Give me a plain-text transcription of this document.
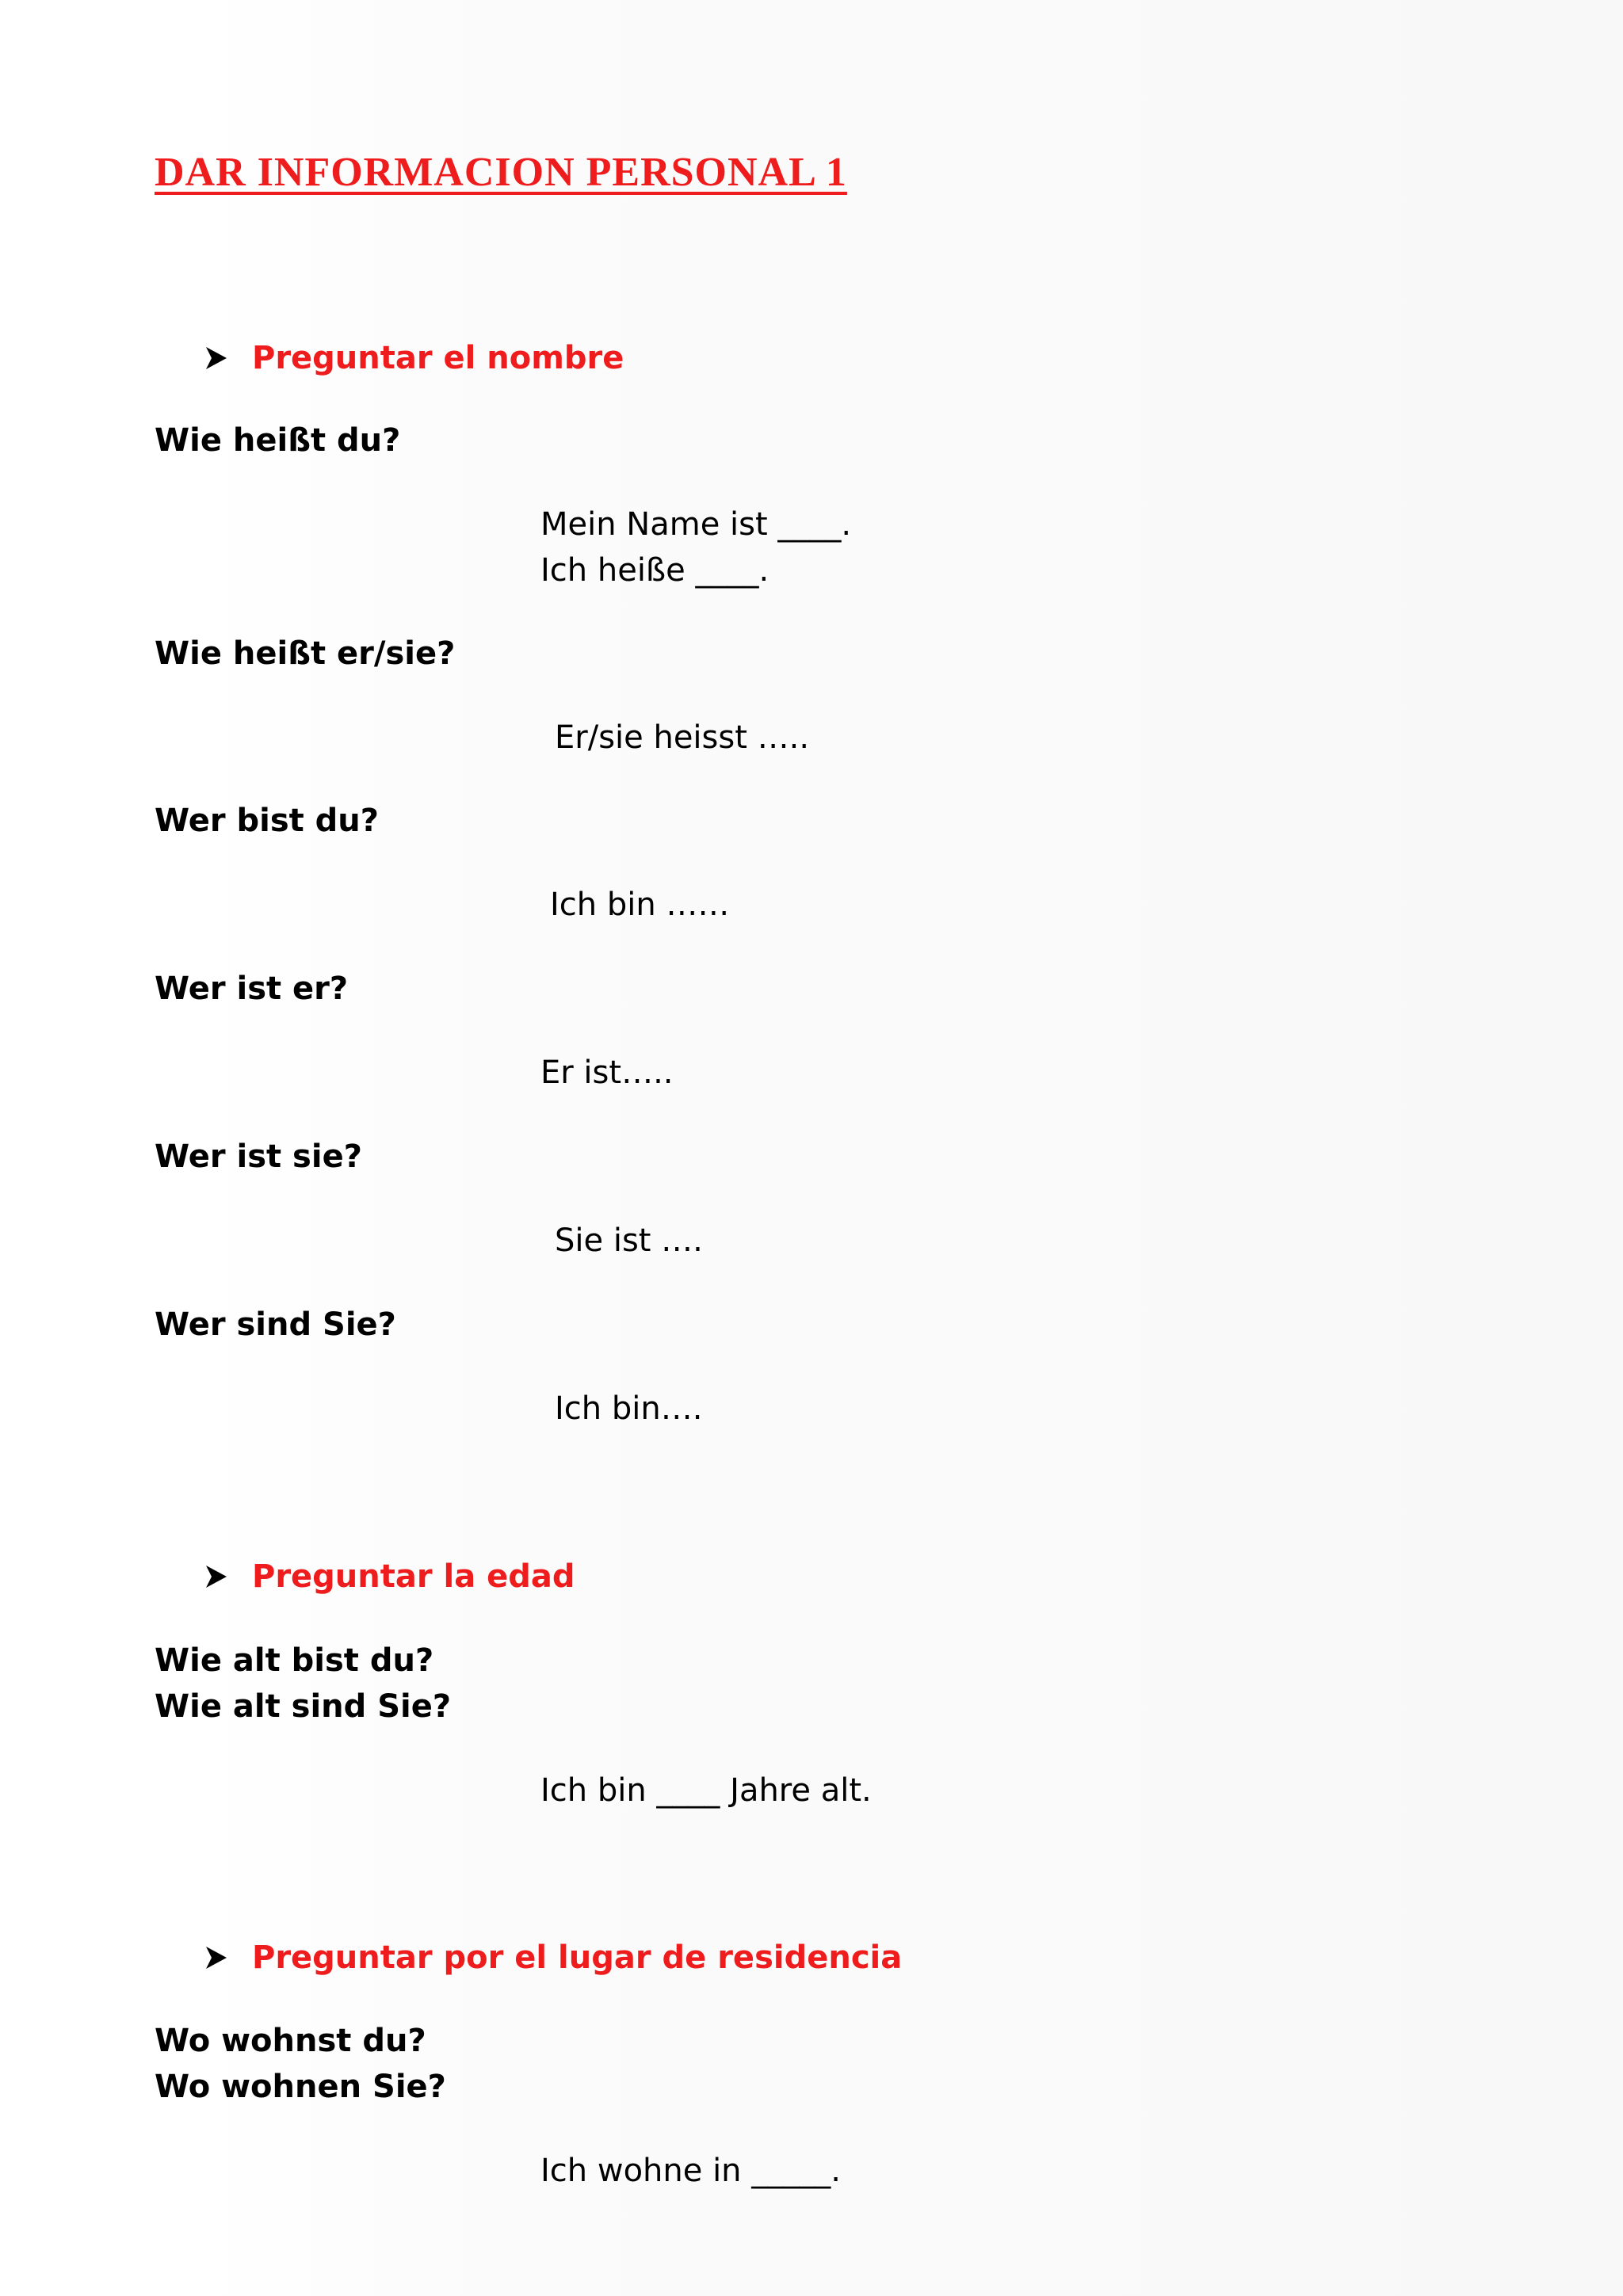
DAR INFORMACION PERSONAL 1
Preguntar el nombre
Wie heißt du?
Mein Name ist ____.
Ich heiße ____.
Wie heißt er/sie?
Er/sie heisst …..
Wer bist du?
Ich bin ……
Wer ist er?
Er ist…..
Wer ist sie?
Sie ist ….
Wer sind Sie?
Ich bin….
Preguntar la edad
Wie alt bist du?
Wie alt sind Sie?
Ich bin ____ Jahre alt.
Preguntar por el lugar de residencia
Wo wohnst du?
Wo wohnen Sie?
Ich wohne in _____.
